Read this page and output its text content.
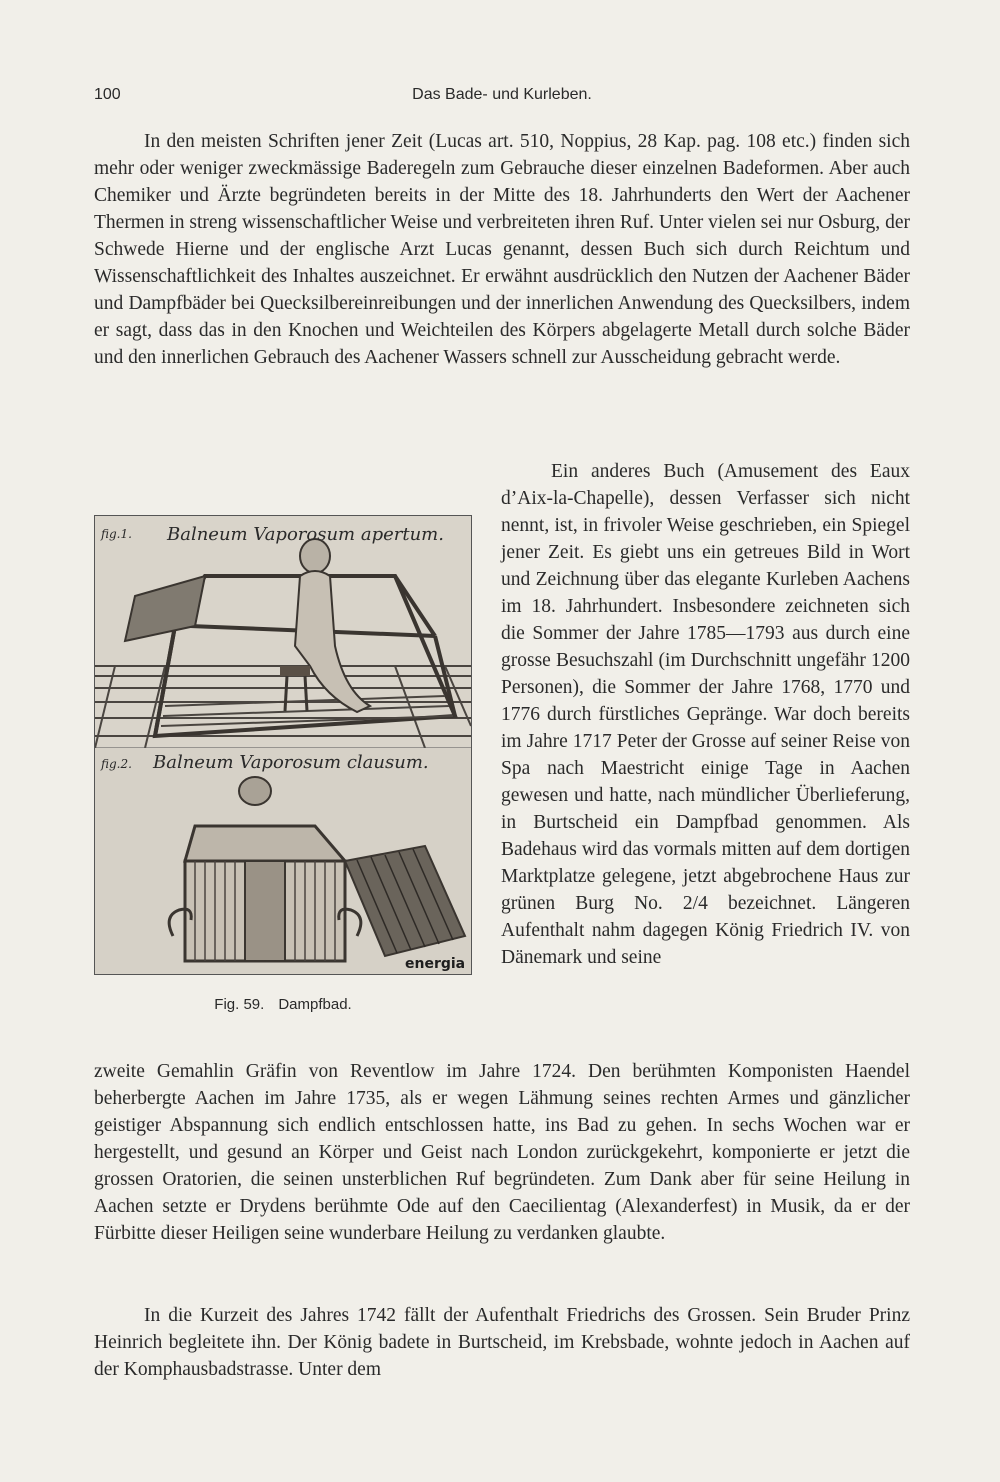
100	Das Bade- und Kurleben.

In den meisten Schriften jener Zeit (Lucas art. 510, Noppius, 28 Kap. pag. 108 etc.) finden sich mehr oder weniger zweckmässige Baderegeln zum Gebrauche dieser einzelnen Badeformen. Aber auch Chemiker und Ärzte begründeten bereits in der Mitte des 18. Jahrhunderts den Wert der Aachener Thermen in streng wissenschaftlicher Weise und verbreiteten ihren Ruf. Unter vielen sei nur Osburg, der Schwede Hierne und der englische Arzt Lucas genannt, dessen Buch sich durch Reichtum und Wissenschaftlichkeit des Inhaltes auszeichnet. Er erwähnt ausdrücklich den Nutzen der Aachener Bäder und Dampfbäder bei Quecksilbereinreibungen und der innerlichen Anwendung des Quecksilbers, indem er sagt, dass das in den Knochen und Weichteilen des Körpers abgelagerte Metall durch solche Bäder und den innerlichen Gebrauch des Aachener Wassers schnell zur Ausscheidung gebracht werde.

fig.1. Balneum Vaporosum apertum.
fig.2. Balneum Vaporosum clausum.
energia
Fig. 59. Dampfbad.

Ein anderes Buch (Amusement des Eaux d’Aix-la-Chapelle), dessen Verfasser sich nicht nennt, ist, in frivoler Weise geschrieben, ein Spiegel jener Zeit. Es giebt uns ein getreues Bild in Wort und Zeichnung über das elegante Kurleben Aachens im 18. Jahrhundert. Insbesondere zeichneten sich die Sommer der Jahre 1785—1793 aus durch eine grosse Besuchszahl (im Durchschnitt ungefähr 1200 Personen), die Sommer der Jahre 1768, 1770 und 1776 durch fürstliches Gepränge. War doch bereits im Jahre 1717 Peter der Grosse auf seiner Reise von Spa nach Maestricht einige Tage in Aachen gewesen und hatte, nach mündlicher Überlieferung, in Burtscheid ein Dampfbad genommen. Als Badehaus wird das vormals mitten auf dem dortigen Marktplatze gelegene, jetzt abgebrochene Haus zur grünen Burg No. 2/4 bezeichnet. Längeren Aufenthalt nahm dagegen König Friedrich IV. von Dänemark und seine

zweite Gemahlin Gräfin von Reventlow im Jahre 1724. Den berühmten Komponisten Haendel beherbergte Aachen im Jahre 1735, als er wegen Lähmung seines rechten Armes und gänzlicher geistiger Abspannung sich endlich entschlossen hatte, ins Bad zu gehen. In sechs Wochen war er hergestellt, und gesund an Körper und Geist nach London zurückgekehrt, komponierte er jetzt die grossen Oratorien, die seinen unsterblichen Ruf begründeten. Zum Dank aber für seine Heilung in Aachen setzte er Drydens berühmte Ode auf den Caecilientag (Alexanderfest) in Musik, da er der Fürbitte dieser Heiligen seine wunderbare Heilung zu verdanken glaubte.

In die Kurzeit des Jahres 1742 fällt der Aufenthalt Friedrichs des Grossen. Sein Bruder Prinz Heinrich begleitete ihn. Der König badete in Burtscheid, im Krebsbade, wohnte jedoch in Aachen auf der Komphausbadstrasse. Unter dem
